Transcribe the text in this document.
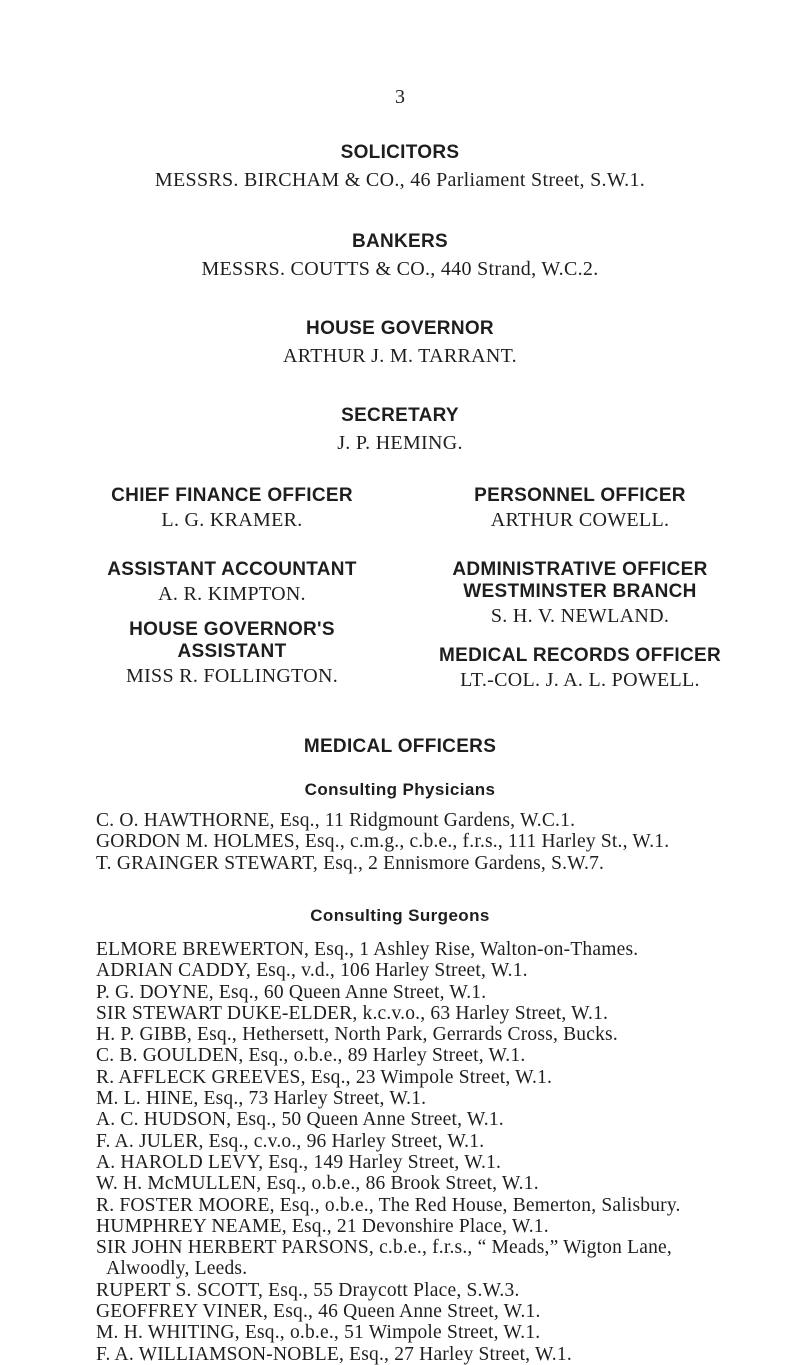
3
SOLICITORS
MESSRS. BIRCHAM & CO., 46 Parliament Street, S.W.1.
BANKERS
MESSRS. COUTTS & CO., 440 Strand, W.C.2.
HOUSE GOVERNOR
ARTHUR J. M. TARRANT.
SECRETARY
J. P. HEMING.
CHIEF FINANCE OFFICER
L. G. KRAMER.
ASSISTANT ACCOUNTANT
A. R. KIMPTON.
HOUSE GOVERNOR'S
ASSISTANT
MISS R. FOLLINGTON.
PERSONNEL OFFICER
ARTHUR COWELL.
ADMINISTRATIVE OFFICER
WESTMINSTER BRANCH
S. H. V. NEWLAND.
MEDICAL RECORDS OFFICER
LT.-COL. J. A. L. POWELL.
MEDICAL OFFICERS
Consulting Physicians
C. O. HAWTHORNE, Esq., 11 Ridgmount Gardens, W.C.1.
GORDON M. HOLMES, Esq., c.m.g., c.b.e., f.r.s., 111 Harley St., W.1.
T. GRAINGER STEWART, Esq., 2 Ennismore Gardens, S.W.7.
Consulting Surgeons
ELMORE BREWERTON, Esq., 1 Ashley Rise, Walton-on-Thames.
ADRIAN CADDY, Esq., v.d., 106 Harley Street, W.1.
P. G. DOYNE, Esq., 60 Queen Anne Street, W.1.
SIR STEWART DUKE-ELDER, k.c.v.o., 63 Harley Street, W.1.
H. P. GIBB, Esq., Hethersett, North Park, Gerrards Cross, Bucks.
C. B. GOULDEN, Esq., o.b.e., 89 Harley Street, W.1.
R. AFFLECK GREEVES, Esq., 23 Wimpole Street, W.1.
M. L. HINE, Esq., 73 Harley Street, W.1.
A. C. HUDSON, Esq., 50 Queen Anne Street, W.1.
F. A. JULER, Esq., c.v.o., 96 Harley Street, W.1.
A. HAROLD LEVY, Esq., 149 Harley Street, W.1.
W. H. McMULLEN, Esq., o.b.e., 86 Brook Street, W.1.
R. FOSTER MOORE, Esq., o.b.e., The Red House, Bemerton, Salisbury.
HUMPHREY NEAME, Esq., 21 Devonshire Place, W.1.
SIR JOHN HERBERT PARSONS, c.b.e., f.r.s., “ Meads,” Wigton Lane,
Alwoodly, Leeds.
RUPERT S. SCOTT, Esq., 55 Draycott Place, S.W.3.
GEOFFREY VINER, Esq., 46 Queen Anne Street, W.1.
M. H. WHITING, Esq., o.b.e., 51 Wimpole Street, W.1.
F. A. WILLIAMSON-NOBLE, Esq., 27 Harley Street, W.1.
